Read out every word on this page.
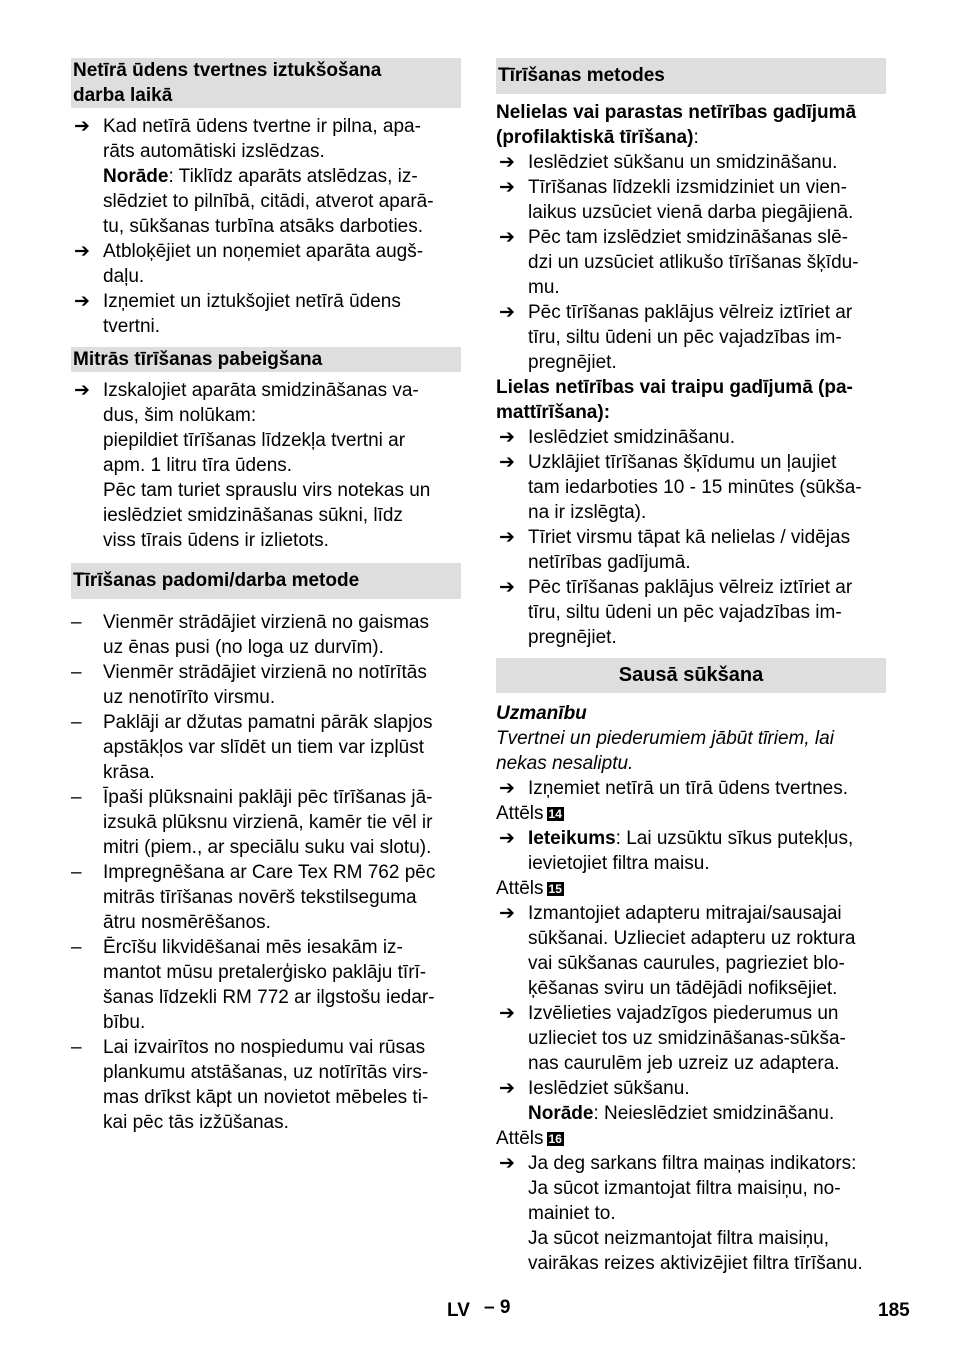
Netīrā ūdens tvertnes iztukšošana
darba laikā
➔ Kad netīrā ūdens tvertne ir pilna, apa-
rāts automātiski izslēdzas.
Norāde: Tiklīdz aparāts atslēdzas, iz-
slēdziet to pilnībā, citādi, atverot aparā-
tu, sūkšanas turbīna atsāks darboties.
➔ Atbloķējiet un noņemiet aparāta augš-
daļu.
➔ Izņemiet un iztukšojiet netīrā ūdens
tvertni.
Mitrās tīrīšanas pabeigšana
➔ Izskalojiet aparāta smidzināšanas va-
dus, šim nolūkam:
piepildiet tīrīšanas līdzekļa tvertni ar
apm. 1 litru tīra ūdens.
Pēc tam turiet sprauslu virs notekas un
ieslēdziet smidzināšanas sūkni, līdz
viss tīrais ūdens ir izlietots.
Tīrīšanas padomi/darba metode
– Vienmēr strādājiet virzienā no gaismas
uz ēnas pusi (no loga uz durvīm).
– Vienmēr strādājiet virzienā no notīrītās
uz nenotīrīto virsmu.
– Paklāji ar džutas pamatni pārāk slapjos
apstākļos var slīdēt un tiem var izplūst
krāsa.
– Īpaši plūksnaini paklāji pēc tīrīšanas jā-
izsukā plūksnu virzienā, kamēr tie vēl ir
mitri (piem., ar speciālu suku vai slotu).
– Impregnēšana ar Care Tex RM 762 pēc
mitrās tīrīšanas novērš tekstilseguma
ātru nosmērēšanos.
– Ērcīšu likvidēšanai mēs iesakām iz-
mantot mūsu pretalerģisko paklāju tīrī-
šanas līdzekli RM 772 ar ilgstošu iedar-
bību.
– Lai izvairītos no nospiedumu vai rūsas
plankumu atstāšanas, uz notīrītās virs-
mas drīkst kāpt un novietot mēbeles ti-
kai pēc tās izžūšanas.
Tīrīšanas metodes
Nelielas vai parastas netīrības gadījumā
(profilaktiskā tīrīšana):
➔ Ieslēdziet sūkšanu un smidzināšanu.
➔ Tīrīšanas līdzekli izsmidziniet un vien-
laikus uzsūciet vienā darba piegājienā.
➔ Pēc tam izslēdziet smidzināšanas slē-
dzi un uzsūciet atlikušo tīrīšanas šķīdu-
mu.
➔ Pēc tīrīšanas paklājus vēlreiz iztīriet ar
tīru, siltu ūdeni un pēc vajadzības im-
pregnējiet.
Lielas netīrības vai traipu gadījumā (pa-
mattīrīšana):
➔ Ieslēdziet smidzināšanu.
➔ Uzklājiet tīrīšanas šķīdumu un ļaujiet
tam iedarboties 10 - 15 minūtes (sūkša-
na ir izslēgta).
➔ Tīriet virsmu tāpat kā nelielas / vidējas
netīrības gadījumā.
➔ Pēc tīrīšanas paklājus vēlreiz iztīriet ar
tīru, siltu ūdeni un pēc vajadzības im-
pregnējiet.
Sausā sūkšana
Uzmanību
Tvertnei un piederumiem jābūt tīriem, lai
nekas nesaliptu.
➔ Izņemiet netīrā un tīrā ūdens tvertnes.
Attēls 14
➔ Ieteikums: Lai uzsūktu sīkus putekļus,
ievietojiet filtra maisu.
Attēls 15
➔ Izmantojiet adapteru mitrajai/sausajai
sūkšanai. Uzlieciet adapteru uz roktura
vai sūkšanas caurules, pagrieziet blo-
ķēšanas sviru un tādējādi nofiksējiet.
➔ Izvēlieties vajadzīgos piederumus un
uzlieciet tos uz smidzināšanas-sūkša-
nas caurulēm jeb uzreiz uz adaptera.
➔ Ieslēdziet sūkšanu.
Norāde: Neieslēdziet smidzināšanu.
Attēls 16
➔ Ja deg sarkans filtra maiņas indikators:
Ja sūcot izmantojat filtra maisiņu, no-
mainiet to.
Ja sūcot neizmantojat filtra maisiņu,
vairākas reizes aktivizējiet filtra tīrīšanu.
LV – 9	185
